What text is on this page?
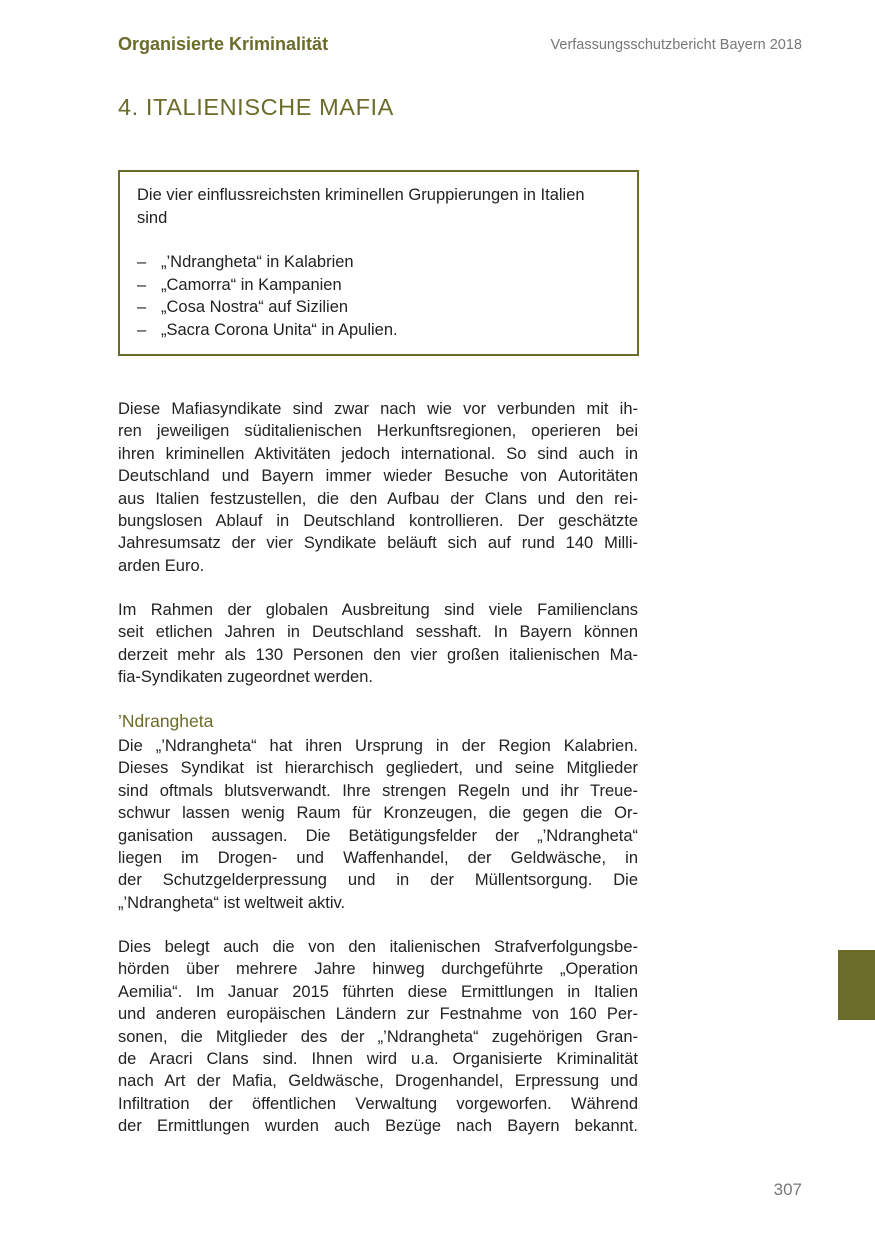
Organisierte Kriminalität	Verfassungsschutzbericht Bayern 2018
4. ITALIENISCHE MAFIA

Die vier einflussreichsten kriminellen Gruppierungen in Italien
sind

– „’Ndrangheta“ in Kalabrien
– „Camorra“ in Kampanien
– „Cosa Nostra“ auf Sizilien
– „Sacra Corona Unita“ in Apulien.
Diese Mafiasyndikate sind zwar nach wie vor verbunden mit ih-
ren jeweiligen süditalienischen Herkunftsregionen, operieren bei
ihren kriminellen Aktivitäten jedoch international. So sind auch in
Deutschland und Bayern immer wieder Besuche von Autoritäten
aus Italien festzustellen, die den Aufbau der Clans und den rei-
bungslosen Ablauf in Deutschland kontrollieren. Der geschätzte
Jahresumsatz der vier Syndikate beläuft sich auf rund 140 Milli-
arden Euro.
Im Rahmen der globalen Ausbreitung sind viele Familienclans
seit etlichen Jahren in Deutschland sesshaft. In Bayern können
derzeit mehr als 130 Personen den vier großen italienischen Ma-
fia-Syndikaten zugeordnet werden.
’Ndrangheta
Die „’Ndrangheta“ hat ihren Ursprung in der Region Kalabrien.
Dieses Syndikat ist hierarchisch gegliedert, und seine Mitglieder
sind oftmals blutsverwandt. Ihre strengen Regeln und ihr Treue-
schwur lassen wenig Raum für Kronzeugen, die gegen die Or-
ganisation aussagen. Die Betätigungsfelder der „’Ndrangheta“
liegen im Drogen- und Waffenhandel, der Geldwäsche, in
der Schutzgelderpressung und in der Müllentsorgung. Die
„’Ndrangheta“ ist weltweit aktiv.
Dies belegt auch die von den italienischen Strafverfolgungsbe-
hörden über mehrere Jahre hinweg durchgeführte „Operation
Aemilia“. Im Januar 2015 führten diese Ermittlungen in Italien
und anderen europäischen Ländern zur Festnahme von 160 Per-
sonen, die Mitglieder des der „’Ndrangheta“ zugehörigen Gran-
de Aracri Clans sind. Ihnen wird u.a. Organisierte Kriminalität
nach Art der Mafia, Geldwäsche, Drogenhandel, Erpressung und
Infiltration der öffentlichen Verwaltung vorgeworfen. Während
der Ermittlungen wurden auch Bezüge nach Bayern bekannt.
307
